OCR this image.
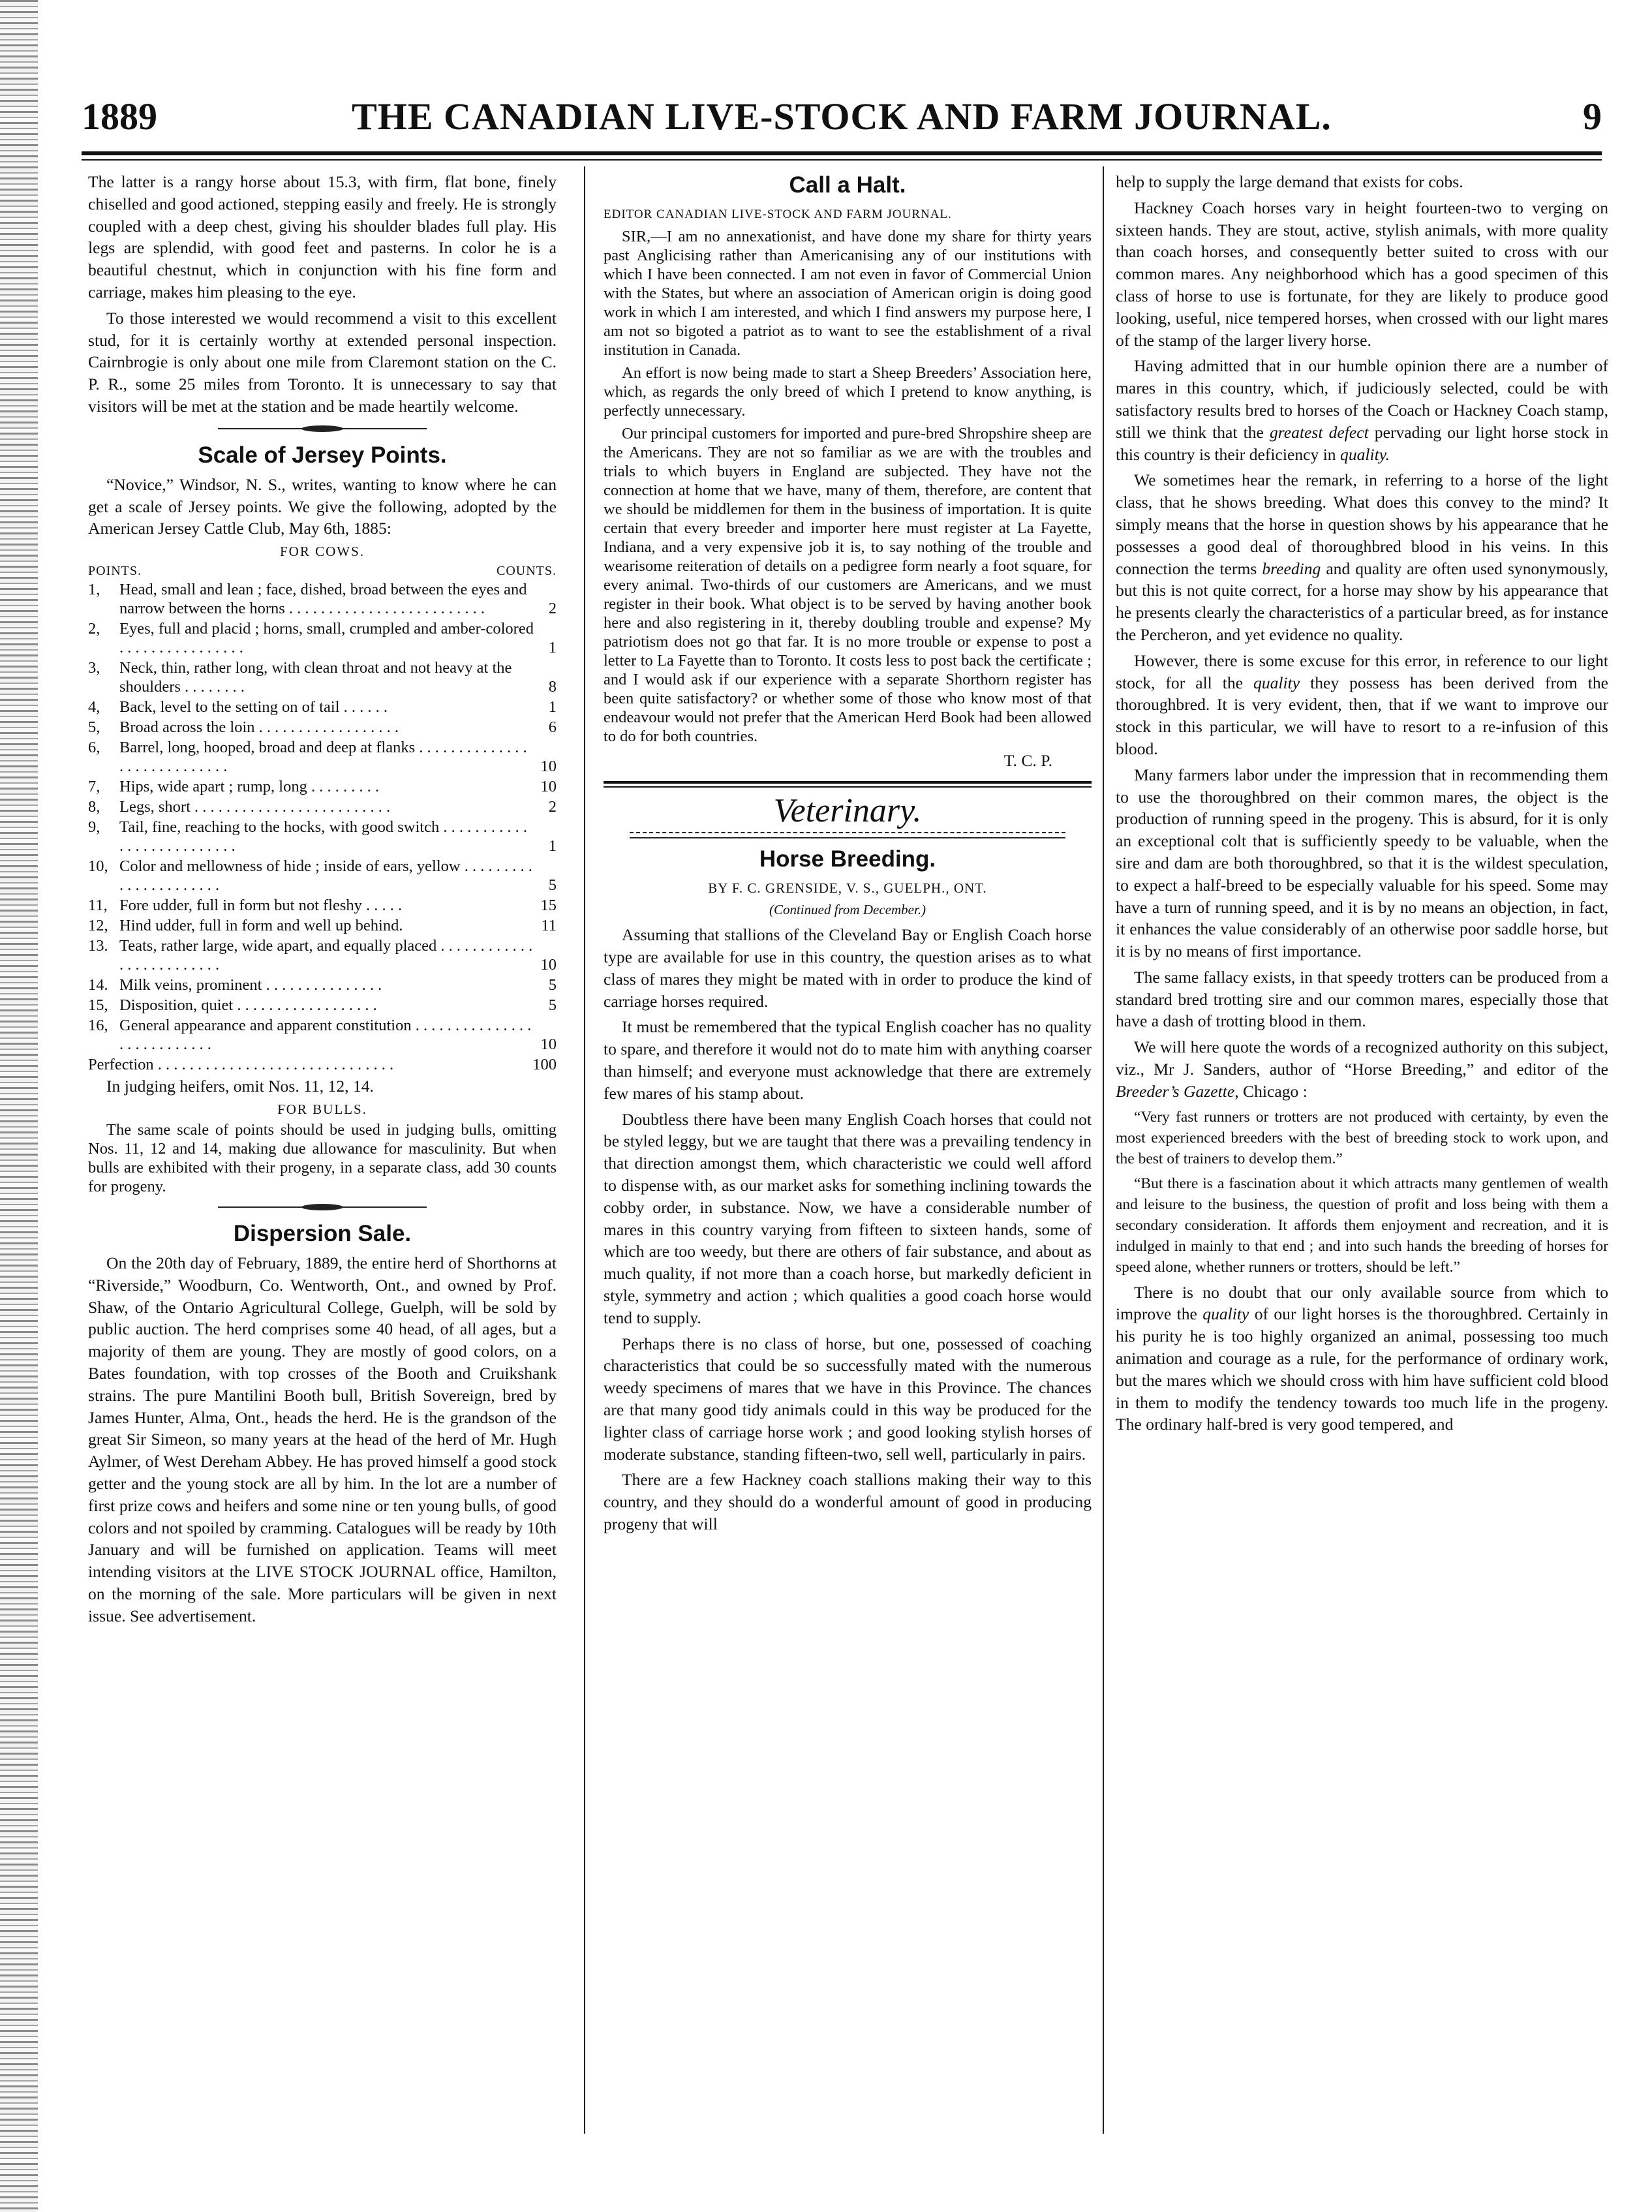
1889	THE CANADIAN LIVE-STOCK AND FARM JOURNAL.	9

The latter is a rangy horse about 15.3, with firm, flat bone, finely chiselled and good actioned, stepping easily and freely. He is strongly coupled with a deep chest, giving his shoulder blades full play. His legs are splendid, with good feet and pasterns. In color he is a beautiful chestnut, which in conjunction with his fine form and carriage, makes him pleasing to the eye.

To those interested we would recommend a visit to this excellent stud, for it is certainly worthy at extended personal inspection. Cairnbrogie is only about one mile from Claremont station on the C. P. R., some 25 miles from Toronto. It is unnecessary to say that visitors will be met at the station and be made heartily welcome.

Scale of Jersey Points.

“Novice,” Windsor, N. S., writes, wanting to know where he can get a scale of Jersey points. We give the following, adopted by the American Jersey Cattle Club, May 6th, 1885:

FOR COWS.
POINTS.	COUNTS.
1,	Head, small and lean ; face, dished, broad between the eyes and narrow between the horns . . . . . . . . . . . . . . . . . . . . . . . . .	2
2,	Eyes, full and placid ; horns, small, crumpled and amber-colored . . . . . . . . . . . . . . . .	1
3,	Neck, thin, rather long, with clean throat and not heavy at the shoulders . . . . . . . .	8
4,	Back, level to the setting on of tail . . . . . .	1
5,	Broad across the loin . . . . . . . . . . . . . . . . . .	6
6,	Barrel, long, hooped, broad and deep at flanks . . . . . . . . . . . . . . . . . . . . . . . . . . . .	10
7,	Hips, wide apart ; rump, long . . . . . . . . .	10
8,	Legs, short . . . . . . . . . . . . . . . . . . . . . . . . .	2
9,	Tail, fine, reaching to the hocks, with good switch . . . . . . . . . . . . . . . . . . . . . . . . . .	1
10, Color and mellowness of hide ; inside of ears, yellow . . . . . . . . . . . . . . . . . . . . . .	5
11, Fore udder, full in form but not fleshy . . . . .	15
12, Hind udder, full in form and well up behind.	11
13. Teats, rather large, wide apart, and equally placed . . . . . . . . . . . . . . . . . . . . . . . . .	10
14. Milk veins, prominent . . . . . . . . . . . . . . .	5
15, Disposition, quiet . . . . . . . . . . . . . . . . . .	5
16, General appearance and apparent constitution . . . . . . . . . . . . . . . . . . . . . . . . . . .	10
Perfection . . . . . . . . . . . . . . . . . . . . . . . . . . . . . .	100

In judging heifers, omit Nos. 11, 12, 14.

FOR BULLS.

The same scale of points should be used in judging bulls, omitting Nos. 11, 12 and 14, making due allowance for masculinity. But when bulls are exhibited with their progeny, in a separate class, add 30 counts for progeny.

Dispersion Sale.

On the 20th day of February, 1889, the entire herd of Shorthorns at “Riverside,” Woodburn, Co. Wentworth, Ont., and owned by Prof. Shaw, of the Ontario Agricultural College, Guelph, will be sold by public auction. The herd comprises some 40 head, of all ages, but a majority of them are young. They are mostly of good colors, on a Bates foundation, with top crosses of the Booth and Cruikshank strains. The pure Mantilini Booth bull, British Sovereign, bred by James Hunter, Alma, Ont., heads the herd. He is the grandson of the great Sir Simeon, so many years at the head of the herd of Mr. Hugh Aylmer, of West Dereham Abbey. He has proved himself a good stock getter and the young stock are all by him. In the lot are a number of first prize cows and heifers and some nine or ten young bulls, of good colors and not spoiled by cramming. Catalogues will be ready by 10th January and will be furnished on application. Teams will meet intending visitors at the LIVE STOCK JOURNAL office, Hamilton, on the morning of the sale. More particulars will be given in next issue. See advertisement.

Call a Halt.

EDITOR CANADIAN LIVE-STOCK AND FARM JOURNAL.

SIR,—I am no annexationist, and have done my share for thirty years past Anglicising rather than Americanising any of our institutions with which I have been connected. I am not even in favor of Commercial Union with the States, but where an association of American origin is doing good work in which I am interested, and which I find answers my purpose here, I am not so bigoted a patriot as to want to see the establishment of a rival institution in Canada.

An effort is now being made to start a Sheep Breeders’ Association here, which, as regards the only breed of which I pretend to know anything, is perfectly unnecessary.

Our principal customers for imported and pure-bred Shropshire sheep are the Americans. They are not so familiar as we are with the troubles and trials to which buyers in England are subjected. They have not the connection at home that we have, many of them, therefore, are content that we should be middlemen for them in the business of importation. It is quite certain that every breeder and importer here must register at La Fayette, Indiana, and a very expensive job it is, to say nothing of the trouble and wearisome reiteration of details on a pedigree form nearly a foot square, for every animal. Two-thirds of our customers are Americans, and we must register in their book. What object is to be served by having another book here and also registering in it, thereby doubling trouble and expense? My patriotism does not go that far. It is no more trouble or expense to post a letter to La Fayette than to Toronto. It costs less to post back the certificate ; and I would ask if our experience with a separate Shorthorn register has been quite satisfactory? or whether some of those who know most of that endeavour would not prefer that the American Herd Book had been allowed to do for both countries.

T. C. P.

Veterinary.
Horse Breeding.

BY F. C. GRENSIDE, V. S., GUELPH., ONT.

(Continued from December.)

Assuming that stallions of the Cleveland Bay or English Coach horse type are available for use in this country, the question arises as to what class of mares they might be mated with in order to produce the kind of carriage horses required.

It must be remembered that the typical English coacher has no quality to spare, and therefore it would not do to mate him with anything coarser than himself; and everyone must acknowledge that there are extremely few mares of his stamp about.

Doubtless there have been many English Coach horses that could not be styled leggy, but we are taught that there was a prevailing tendency in that direction amongst them, which characteristic we could well afford to dispense with, as our market asks for something inclining towards the cobby order, in substance. Now, we have a considerable number of mares in this country varying from fifteen to sixteen hands, some of which are too weedy, but there are others of fair substance, and about as much quality, if not more than a coach horse, but markedly deficient in style, symmetry and action ; which qualities a good coach horse would tend to supply.

Perhaps there is no class of horse, but one, possessed of coaching characteristics that could be so successfully mated with the numerous weedy specimens of mares that we have in this Province. The chances are that many good tidy animals could in this way be produced for the lighter class of carriage horse work ; and good looking stylish horses of moderate substance, standing fifteen-two, sell well, particularly in pairs.

There are a few Hackney coach stallions making their way to this country, and they should do a wonderful amount of good in producing progeny that will

help to supply the large demand that exists for cobs.

Hackney Coach horses vary in height fourteen-two to verging on sixteen hands. They are stout, active, stylish animals, with more quality than coach horses, and consequently better suited to cross with our common mares. Any neighborhood which has a good specimen of this class of horse to use is fortunate, for they are likely to produce good looking, useful, nice tempered horses, when crossed with our light mares of the stamp of the larger livery horse.

Having admitted that in our humble opinion there are a number of mares in this country, which, if judiciously selected, could be with satisfactory results bred to horses of the Coach or Hackney Coach stamp, still we think that the greatest defect pervading our light horse stock in this country is their deficiency in quality.

We sometimes hear the remark, in referring to a horse of the light class, that he shows breeding. What does this convey to the mind? It simply means that the horse in question shows by his appearance that he possesses a good deal of thoroughbred blood in his veins. In this connection the terms breeding and quality are often used synonymously, but this is not quite correct, for a horse may show by his appearance that he presents clearly the characteristics of a particular breed, as for instance the Percheron, and yet evidence no quality.

However, there is some excuse for this error, in reference to our light stock, for all the quality they possess has been derived from the thoroughbred. It is very evident, then, that if we want to improve our stock in this particular, we will have to resort to a re-infusion of this blood.

Many farmers labor under the impression that in recommending them to use the thoroughbred on their common mares, the object is the production of running speed in the progeny. This is absurd, for it is only an exceptional colt that is sufficiently speedy to be valuable, when the sire and dam are both thoroughbred, so that it is the wildest speculation, to expect a half-breed to be especially valuable for his speed. Some may have a turn of running speed, and it is by no means an objection, in fact, it enhances the value considerably of an otherwise poor saddle horse, but it is by no means of first importance.

The same fallacy exists, in that speedy trotters can be produced from a standard bred trotting sire and our common mares, especially those that have a dash of trotting blood in them.

We will here quote the words of a recognized authority on this subject, viz., Mr J. Sanders, author of “Horse Breeding,” and editor of the Breeder’s Gazette, Chicago :

“Very fast runners or trotters are not produced with certainty, by even the most experienced breeders with the best of breeding stock to work upon, and the best of trainers to develop them.”

“But there is a fascination about it which attracts many gentlemen of wealth and leisure to the business, the question of profit and loss being with them a secondary consideration. It affords them enjoyment and recreation, and it is indulged in mainly to that end ; and into such hands the breeding of horses for speed alone, whether runners or trotters, should be left.”

There is no doubt that our only available source from which to improve the quality of our light horses is the thoroughbred. Certainly in his purity he is too highly organized an animal, possessing too much animation and courage as a rule, for the performance of ordinary work, but the mares which we should cross with him have sufficient cold blood in them to modify the tendency towards too much life in the progeny. The ordinary half-bred is very good tempered, and
